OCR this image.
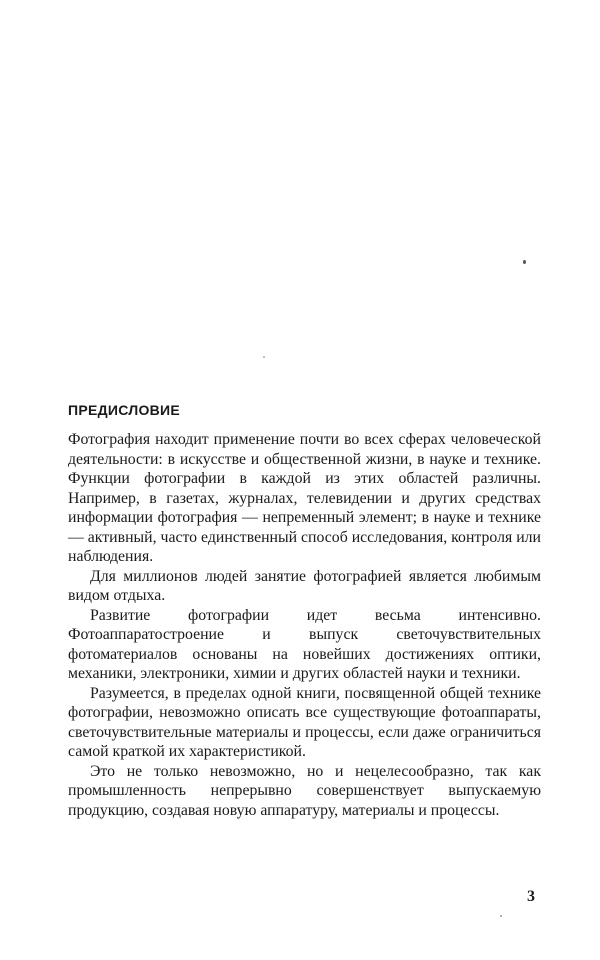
ПРЕДИСЛОВИЕ

Фотография находит применение почти во всех сферах человеческой деятельности: в искусстве и общественной жизни, в науке и технике. Функции фотографии в каждой из этих областей различны. Например, в газетах, журналах, телевидении и других средствах информации фотография — непременный элемент; в науке и технике — активный, часто единственный способ исследования, контроля или наблюдения.

Для миллионов людей занятие фотографией является любимым видом отдыха.

Развитие фотографии идет весьма интенсивно. Фотоаппаратостроение и выпуск светочувствительных фотоматериалов основаны на новейших достижениях оптики, механики, электроники, химии и других областей науки и техники.

Разумеется, в пределах одной книги, посвященной общей технике фотографии, невозможно описать все существующие фотоаппараты, светочувствительные материалы и процессы, если даже ограничиться самой краткой их характеристикой.

Это не только невозможно, но и нецелесообразно, так как промышленность непрерывно совершенствует выпускаемую продукцию, создавая новую аппаратуру, материалы и процессы.

3
